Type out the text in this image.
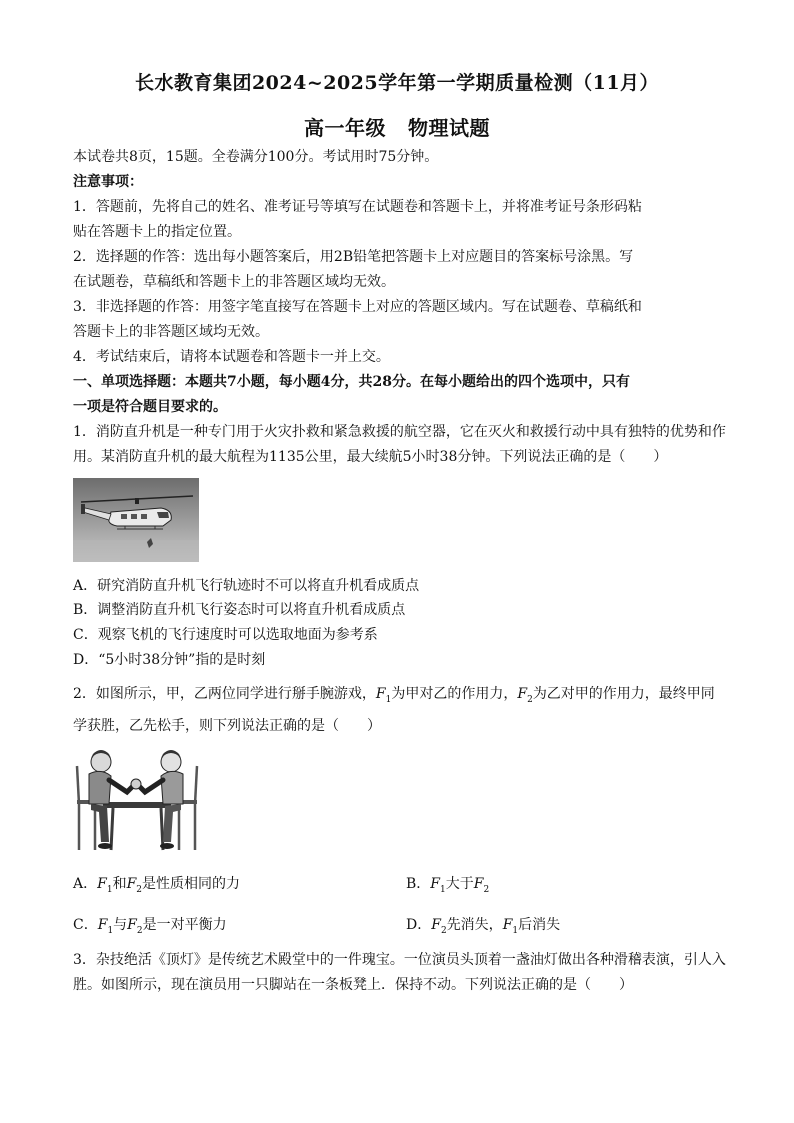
长水教育集团2024~2025学年第一学期质量检测（11月）
高一年级 物理试题
本试卷共8页，15题。全卷满分100分。考试用时75分钟。
注意事项：
1．答题前，先将自己的姓名、准考证号等填写在试题卷和答题卡上，并将准考证号条形码粘
贴在答题卡上的指定位置。
2．选择题的作答：选出每小题答案后，用2B铅笔把答题卡上对应题目的答案标号涂黑。写
在试题卷，草稿纸和答题卡上的非答题区域均无效。
3．非选择题的作答：用签字笔直接写在答题卡上对应的答题区域内。写在试题卷、草稿纸和
答题卡上的非答题区域均无效。
4．考试结束后，请将本试题卷和答题卡一并上交。
一、单项选择题：本题共7小题，每小题4分，共28分。在每小题给出的四个选项中，只有
一项是符合题目要求的。
1．消防直升机是一种专门用于火灾扑救和紧急救援的航空器，它在灭火和救援行动中具有独特的优势和作
用。某消防直升机的最大航程为1135公里，最大续航5小时38分钟。下列说法正确的是（　　）
A．研究消防直升机飞行轨迹时不可以将直升机看成质点
B．调整消防直升机飞行姿态时可以将直升机看成质点
C．观察飞机的飞行速度时可以选取地面为参考系
D．“5小时38分钟”指的是时刻
2．如图所示，甲，乙两位同学进行掰手腕游戏，$F_1$为甲对乙的作用力，$F_2$为乙对甲的作用力，最终甲同
学获胜，乙先松手，则下列说法正确的是（　　）
A．$F_1$和$F_2$是性质相同的力	B．$F_1$大于$F_2$
C．$F_1$与$F_2$是一对平衡力	D．$F_2$先消失，$F_1$后消失
3．杂技绝活《顶灯》是传统艺术殿堂中的一件瑰宝。一位演员头顶着一盏油灯做出各种滑稽表演，引人入
胜。如图所示，现在演员用一只脚站在一条板凳上．保持不动。下列说法正确的是（　　）
